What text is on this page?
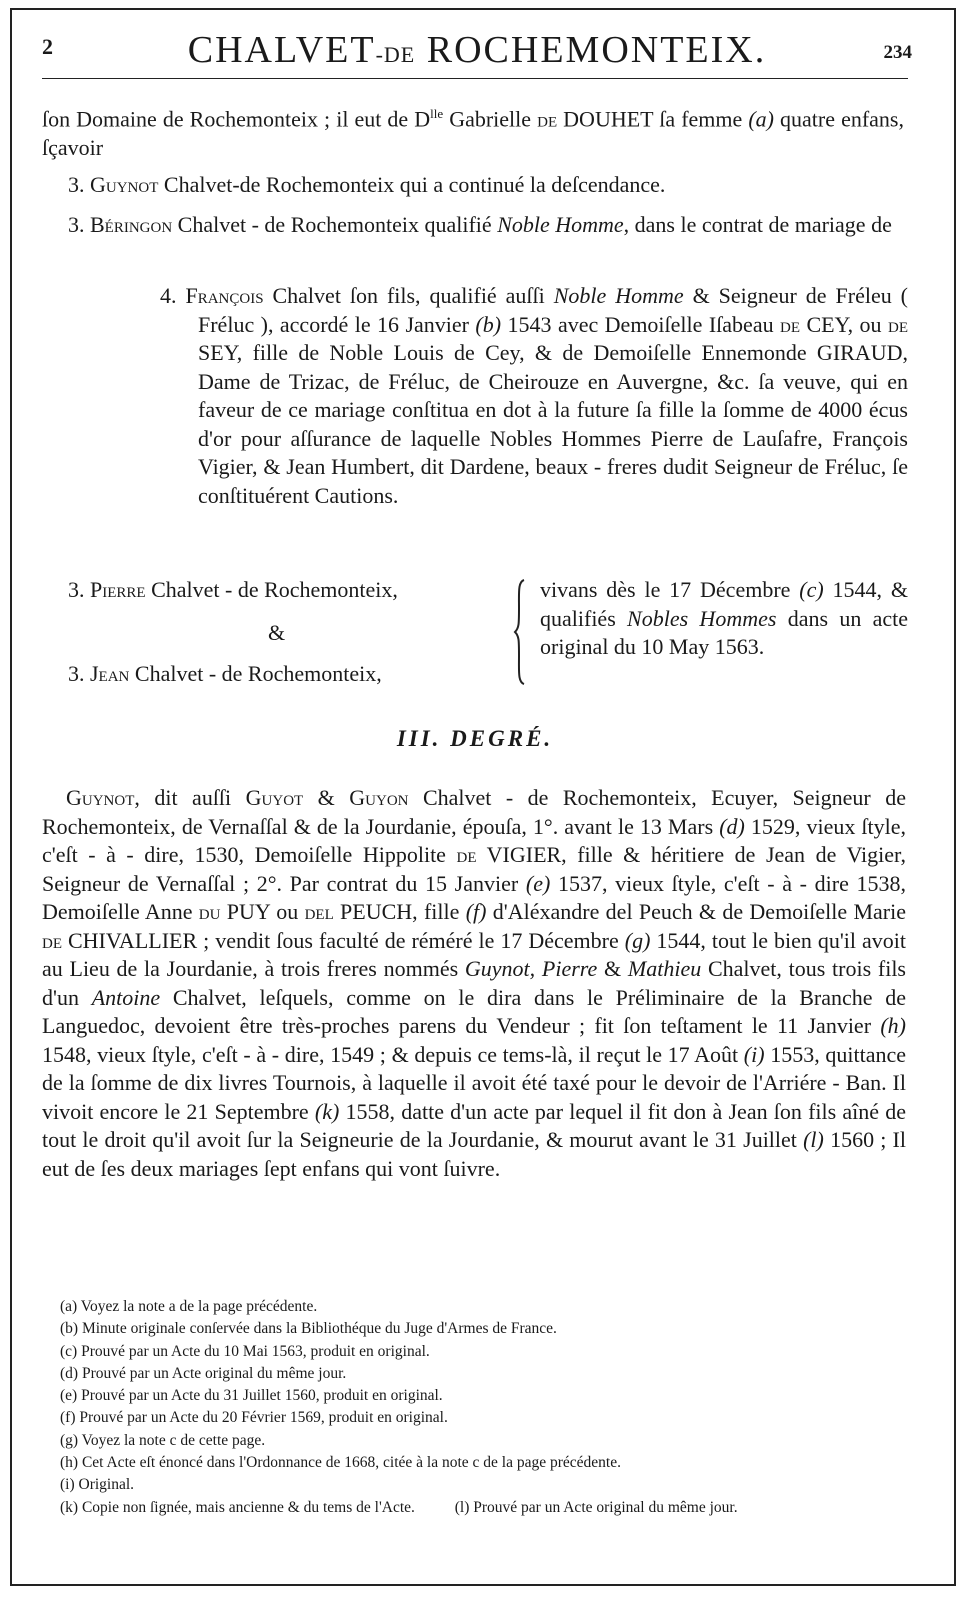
2	CHALVET-DE ROCHEMONTEIX.	234

ſon Domaine de Rochemonteix ; il eut de $D^{lle}$ Gabrielle de DOUHET ſa femme (a) quatre enfans, ſçavoir

3. Guynot Chalvet-de Rochemonteix qui a continué la deſcendance.

3. Béringon Chalvet - de Rochemonteix qualifié Noble Homme, dans le contrat de mariage de

4. François Chalvet ſon fils, qualifié auſſi Noble Homme & Seigneur de Fréleu ( Fréluc ), accordé le 16 Janvier (b) 1543 avec Demoiſelle Iſabeau de CEY, ou de SEY, fille de Noble Louis de Cey, & de Demoiſelle Ennemonde GIRAUD, Dame de Trizac, de Fréluc, de Cheirouze en Auvergne, &c. ſa veuve, qui en faveur de ce mariage conſtitua en dot à la future ſa fille la ſomme de 4000 écus d'or pour aſſurance de laquelle Nobles Hommes Pierre de Lauſafre, François Vigier, & Jean Humbert, dit Dardene, beaux - freres dudit Seigneur de Fréluc, ſe conſtituérent Cautions.

3. Pierre Chalvet - de Rochemonteix,
&
3. Jean Chalvet - de Rochemonteix,

vivans dès le 17 Décembre (c) 1544, & qualifiés Nobles Hommes dans un acte original du 10 May 1563.

III. DEGRÉ.

Guynot, dit auſſi Guyot & Guyon Chalvet - de Rochemonteix, Ecuyer, Seigneur de Rochemonteix, de Vernaſſal & de la Jourdanie, épouſa, 1°. avant le 13 Mars (d) 1529, vieux ſtyle, c'eſt - à - dire, 1530, Demoiſelle Hippolite de VIGIER, fille & héritiere de Jean de Vigier, Seigneur de Vernaſſal ; 2°. Par contrat du 15 Janvier (e) 1537, vieux ſtyle, c'eſt - à - dire 1538, Demoiſelle Anne du PUY ou del PEUCH, fille (f) d'Aléxandre del Peuch & de Demoiſelle Marie de CHIVALLIER ; vendit ſous faculté de réméré le 17 Décembre (g) 1544, tout le bien qu'il avoit au Lieu de la Jourdanie, à trois freres nommés Guynot, Pierre & Mathieu Chalvet, tous trois fils d'un Antoine Chalvet, leſquels, comme on le dira dans le Préliminaire de la Branche de Languedoc, devoient être très-proches parens du Vendeur ; fit ſon teſtament le 11 Janvier (h) 1548, vieux ſtyle, c'eſt - à - dire, 1549 ; & depuis ce tems-là, il reçut le 17 Août (i) 1553, quittance de la ſomme de dix livres Tournois, à laquelle il avoit été taxé pour le devoir de l'Arriére - Ban. Il vivoit encore le 21 Septembre (k) 1558, datte d'un acte par lequel il fit don à Jean ſon fils aîné de tout le droit qu'il avoit ſur la Seigneurie de la Jourdanie, & mourut avant le 31 Juillet (l) 1560 ; Il eut de ſes deux mariages ſept enfans qui vont ſuivre.

(a) Voyez la note a de la page précédente.
(b) Minute originale conſervée dans la Bibliothéque du Juge d'Armes de France.
(c) Prouvé par un Acte du 10 Mai 1563, produit en original.
(d) Prouvé par un Acte original du même jour.
(e) Prouvé par un Acte du 31 Juillet 1560, produit en original.
(f) Prouvé par un Acte du 20 Février 1569, produit en original.
(g) Voyez la note c de cette page.
(h) Cet Acte eſt énoncé dans l'Ordonnance de 1668, citée à la note c de la page précédente.
(i) Original.
(k) Copie non ſignée, mais ancienne & du tems de l'Acte.	(l) Prouvé par un Acte original du même jour.
